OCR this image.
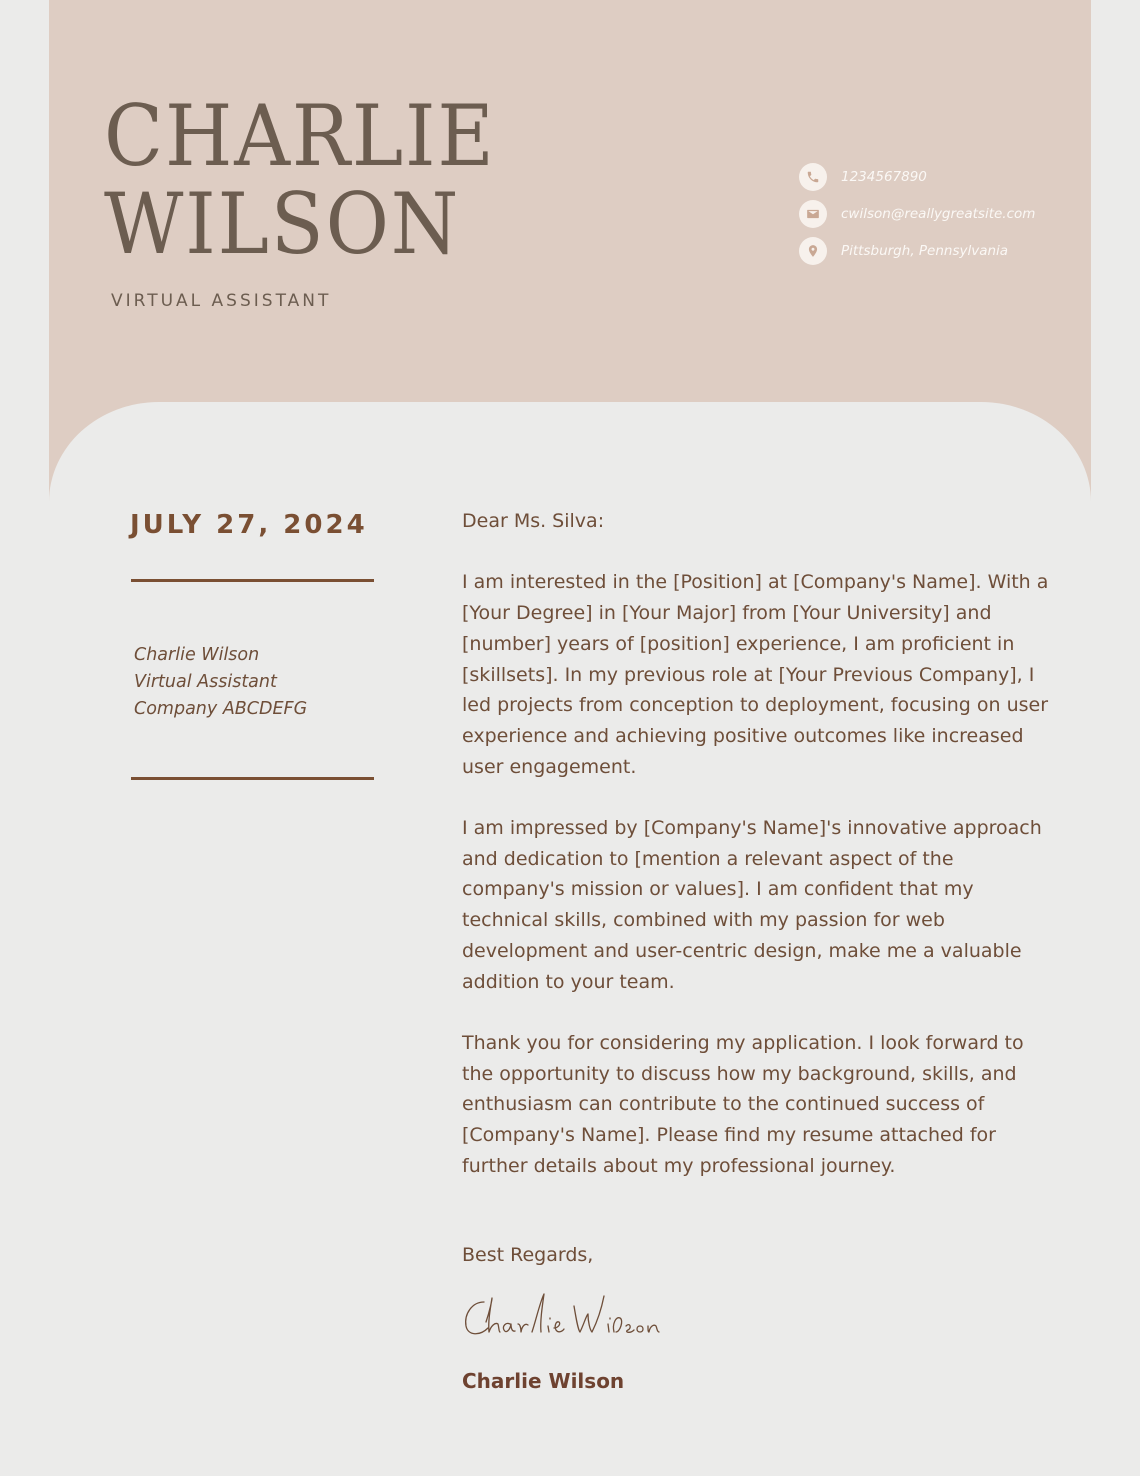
CHARLIE
WILSON
VIRTUAL ASSISTANT
1234567890
cwilson@reallygreatsite.com
Pittsburgh, Pennsylvania
JULY 27, 2024
Charlie Wilson
Virtual Assistant
Company ABCDEFG

Dear Ms. Silva:

I am interested in the [Position] at [Company's Name]. With a [Your Degree] in [Your Major] from [Your University] and [number] years of [position] experience, I am proficient in [skillsets]. In my previous role at [Your Previous Company], I led projects from conception to deployment, focusing on user experience and achieving positive outcomes like increased user engagement.

I am impressed by [Company's Name]'s innovative approach and dedication to [mention a relevant aspect of the company's mission or values]. I am confident that my technical skills, combined with my passion for web development and user-centric design, make me a valuable addition to your team.

Thank you for considering my application. I look forward to the opportunity to discuss how my background, skills, and enthusiasm can contribute to the continued success of [Company's Name]. Please find my resume attached for further details about my professional journey.

Best Regards,
Charlie Wilson
Charlie Wilson
